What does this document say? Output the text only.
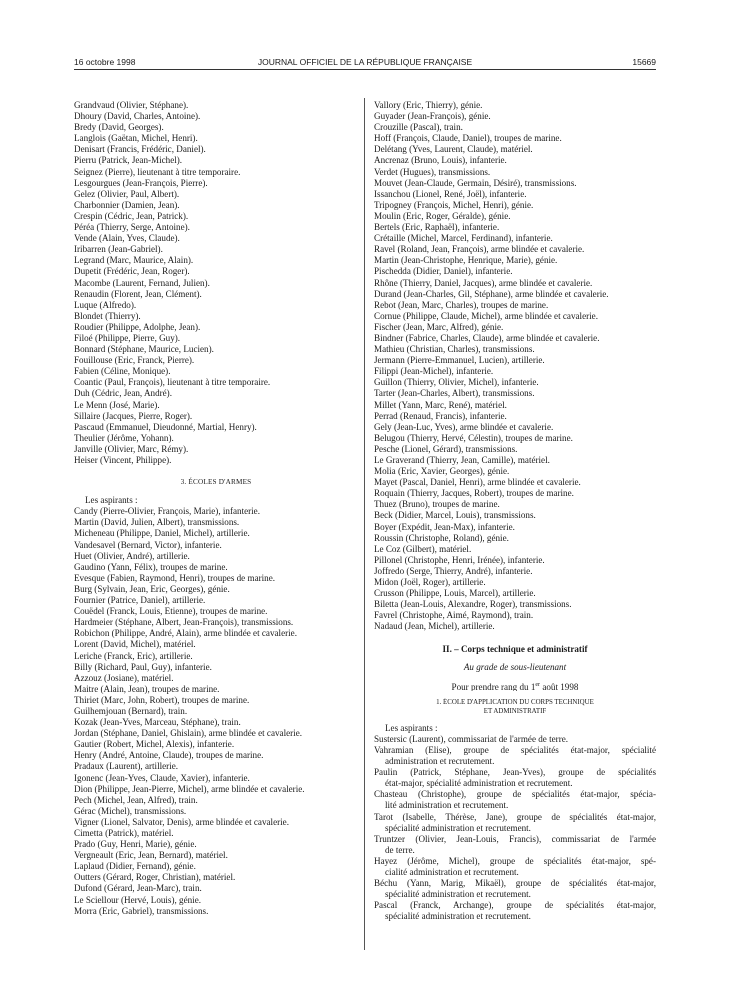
16 octobre 1998	JOURNAL OFFICIEL DE LA RÉPUBLIQUE FRANÇAISE	15669
Grandvaud (Olivier, Stéphane).
Dhoury (David, Charles, Antoine).
Bredy (David, Georges).
Langlois (Gaëtan, Michel, Henri).
Denisart (Francis, Frédéric, Daniel).
Pierru (Patrick, Jean-Michel).
Seignez (Pierre), lieutenant à titre temporaire.
Lesgourgues (Jean-François, Pierre).
Gelez (Olivier, Paul, Albert).
Charbonnier (Damien, Jean).
Crespin (Cédric, Jean, Patrick).
Péréa (Thierry, Serge, Antoine).
Vende (Alain, Yves, Claude).
Iribarren (Jean-Gabriel).
Legrand (Marc, Maurice, Alain).
Dupetit (Frédéric, Jean, Roger).
Macombe (Laurent, Fernand, Julien).
Renaudin (Florent, Jean, Clément).
Luque (Alfredo).
Blondet (Thierry).
Roudier (Philippe, Adolphe, Jean).
Filoé (Philippe, Pierre, Guy).
Bonnard (Stéphane, Maurice, Lucien).
Fouillouse (Eric, Franck, Pierre).
Fabien (Céline, Monique).
Coantic (Paul, François), lieutenant à titre temporaire.
Duh (Cédric, Jean, André).
Le Menn (José, Marie).
Sillaire (Jacques, Pierre, Roger).
Pascaud (Emmanuel, Dieudonné, Martial, Henry).
Theulier (Jérôme, Yohann).
Janville (Olivier, Marc, Rémy).
Heiser (Vincent, Philippe).
3. ÉCOLES D'ARMES
Les aspirants :
Candy (Pierre-Olivier, François, Marie), infanterie.
Martin (David, Julien, Albert), transmissions.
Micheneau (Philippe, Daniel, Michel), artillerie.
Vandesavel (Bernard, Victor), infanterie.
Huet (Olivier, André), artillerie.
Gaudino (Yann, Félix), troupes de marine.
Evesque (Fabien, Raymond, Henri), troupes de marine.
Burg (Sylvain, Jean, Eric, Georges), génie.
Fournier (Patrice, Daniel), artillerie.
Couëdel (Franck, Louis, Etienne), troupes de marine.
Hardmeier (Stéphane, Albert, Jean-François), transmissions.
Robichon (Philippe, André, Alain), arme blindée et cavalerie.
Lorent (David, Michel), matériel.
Leriche (Franck, Eric), artillerie.
Billy (Richard, Paul, Guy), infanterie.
Azzouz (Josiane), matériel.
Maitre (Alain, Jean), troupes de marine.
Thiriet (Marc, John, Robert), troupes de marine.
Guilhemjouan (Bernard), train.
Kozak (Jean-Yves, Marceau, Stéphane), train.
Jordan (Stéphane, Daniel, Ghislain), arme blindée et cavalerie.
Gautier (Robert, Michel, Alexis), infanterie.
Henry (André, Antoine, Claude), troupes de marine.
Pradaux (Laurent), artillerie.
Igonenc (Jean-Yves, Claude, Xavier), infanterie.
Dion (Philippe, Jean-Pierre, Michel), arme blindée et cavalerie.
Pech (Michel, Jean, Alfred), train.
Gérac (Michel), transmissions.
Vigner (Lionel, Salvator, Denis), arme blindée et cavalerie.
Cimetta (Patrick), matériel.
Prado (Guy, Henri, Marie), génie.
Vergneault (Eric, Jean, Bernard), matériel.
Laplaud (Didier, Fernand), génie.
Outters (Gérard, Roger, Christian), matériel.
Dufond (Gérard, Jean-Marc), train.
Le Sciellour (Hervé, Louis), génie.
Morra (Eric, Gabriel), transmissions.
Vallory (Eric, Thierry), génie.
Guyader (Jean-François), génie.
Crouzille (Pascal), train.
Hoff (François, Claude, Daniel), troupes de marine.
Delétang (Yves, Laurent, Claude), matériel.
Ancrenaz (Bruno, Louis), infanterie.
Verdet (Hugues), transmissions.
Mouvet (Jean-Claude, Germain, Désiré), transmissions.
Issanchou (Lionel, René, Joël), infanterie.
Tripogney (François, Michel, Henri), génie.
Moulin (Eric, Roger, Géralde), génie.
Bertels (Eric, Raphaël), infanterie.
Crétaille (Michel, Marcel, Ferdinand), infanterie.
Ravel (Roland, Jean, François), arme blindée et cavalerie.
Martin (Jean-Christophe, Henrique, Marie), génie.
Pischedda (Didier, Daniel), infanterie.
Rhône (Thierry, Daniel, Jacques), arme blindée et cavalerie.
Durand (Jean-Charles, Gil, Stéphane), arme blindée et cavalerie.
Rebot (Jean, Marc, Charles), troupes de marine.
Cornue (Philippe, Claude, Michel), arme blindée et cavalerie.
Fischer (Jean, Marc, Alfred), génie.
Bindner (Fabrice, Charles, Claude), arme blindée et cavalerie.
Mathieu (Christian, Charles), transmissions.
Jermann (Pierre-Emmanuel, Lucien), artillerie.
Filippi (Jean-Michel), infanterie.
Guillon (Thierry, Olivier, Michel), infanterie.
Tarter (Jean-Charles, Albert), transmissions.
Millet (Yann, Marc, René), matériel.
Perrad (Renaud, Francis), infanterie.
Gely (Jean-Luc, Yves), arme blindée et cavalerie.
Belugou (Thierry, Hervé, Célestin), troupes de marine.
Pesche (Lionel, Gérard), transmissions.
Le Graverand (Thierry, Jean, Camille), matériel.
Molia (Eric, Xavier, Georges), génie.
Mayet (Pascal, Daniel, Henri), arme blindée et cavalerie.
Roquain (Thierry, Jacques, Robert), troupes de marine.
Thuez (Bruno), troupes de marine.
Beck (Didier, Marcel, Louis), transmissions.
Boyer (Expédit, Jean-Max), infanterie.
Roussin (Christophe, Roland), génie.
Le Coz (Gilbert), matériel.
Pillonel (Christophe, Henri, Irénée), infanterie.
Joffredo (Serge, Thierry, André), infanterie.
Midon (Joël, Roger), artillerie.
Crusson (Philippe, Louis, Marcel), artillerie.
Biletta (Jean-Louis, Alexandre, Roger), transmissions.
Favrel (Christophe, Aimé, Raymond), train.
Nadaud (Jean, Michel), artillerie.
II. – Corps technique et administratif
Au grade de sous-lieutenant
Pour prendre rang du 1er août 1998
1. ÉCOLE D'APPLICATION DU CORPS TECHNIQUE
ET ADMINISTRATIF
Les aspirants :
Sustersic (Laurent), commissariat de l'armée de terre.
Vahramian (Elise), groupe de spécialités état-major, spécialité
administration et recrutement.
Paulin (Patrick, Stéphane, Jean-Yves), groupe de spécialités
état-major, spécialité administration et recrutement.
Chasteau (Christophe), groupe de spécialités état-major, spécia-
lité administration et recrutement.
Tarot (Isabelle, Thérèse, Jane), groupe de spécialités état-major,
spécialité administration et recrutement.
Truntzer (Olivier, Jean-Louis, Francis), commissariat de l'armée
de terre.
Hayez (Jérôme, Michel), groupe de spécialités état-major, spé-
cialité administration et recrutement.
Béchu (Yann, Marig, Mikaël), groupe de spécialités état-major,
spécialité administration et recrutement.
Pascal (Franck, Archange), groupe de spécialités état-major,
spécialité administration et recrutement.
